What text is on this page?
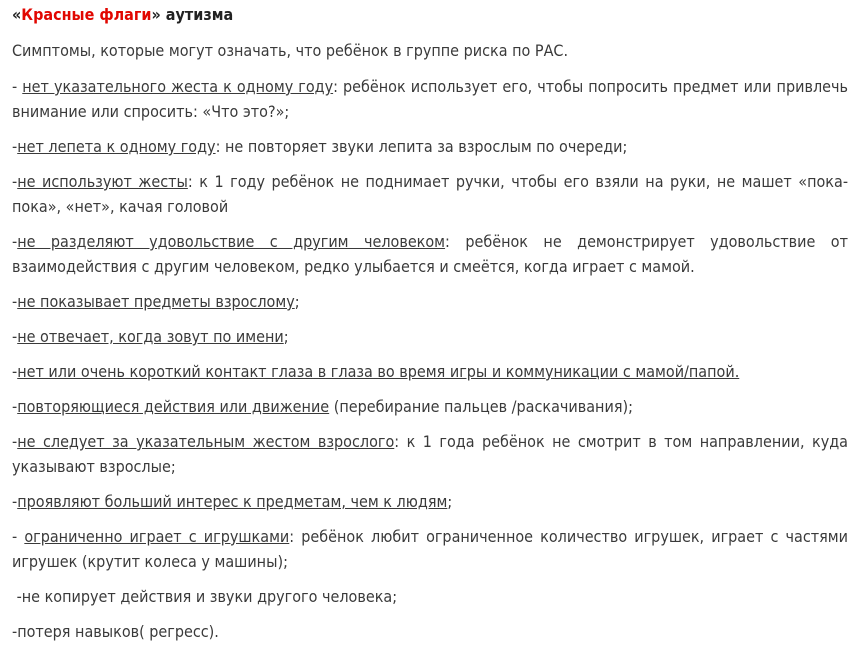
«Красные флаги» аутизма
Симптомы, которые могут означать, что ребёнок в группе риска по РАС.
- нет указательного жеста к одному году: ребёнок использует его, чтобы попросить предмет или привлечь внимание или спросить: «Что это?»;
-нет лепета к одному году: не повторяет звуки лепита за взрослым по очереди;
-не используют жесты: к 1 году ребёнок не поднимает ручки, чтобы его взяли на руки, не машет «пока-пока», «нет», качая головой
-не разделяют удовольствие с другим человеком: ребёнок не демонстрирует удовольствие от взаимодействия с другим человеком, редко улыбается и смеётся, когда играет с мамой.
-не показывает предметы взрослому;
-не отвечает, когда зовут по имени;
-нет или очень короткий контакт глаза в глаза во время игры и коммуникации с мамой/папой.
-повторяющиеся действия или движение (перебирание пальцев /раскачивания);
-не следует за указательным жестом взрослого: к 1 года ребёнок не смотрит в том направлении, куда указывают взрослые;
-проявляют больший интерес к предметам, чем к людям;
- ограниченно играет с игрушками: ребёнок любит ограниченное количество игрушек, играет с частями игрушек (крутит колеса у машины);
-не копирует действия и звуки другого человека;
-потеря навыков( регресс).
